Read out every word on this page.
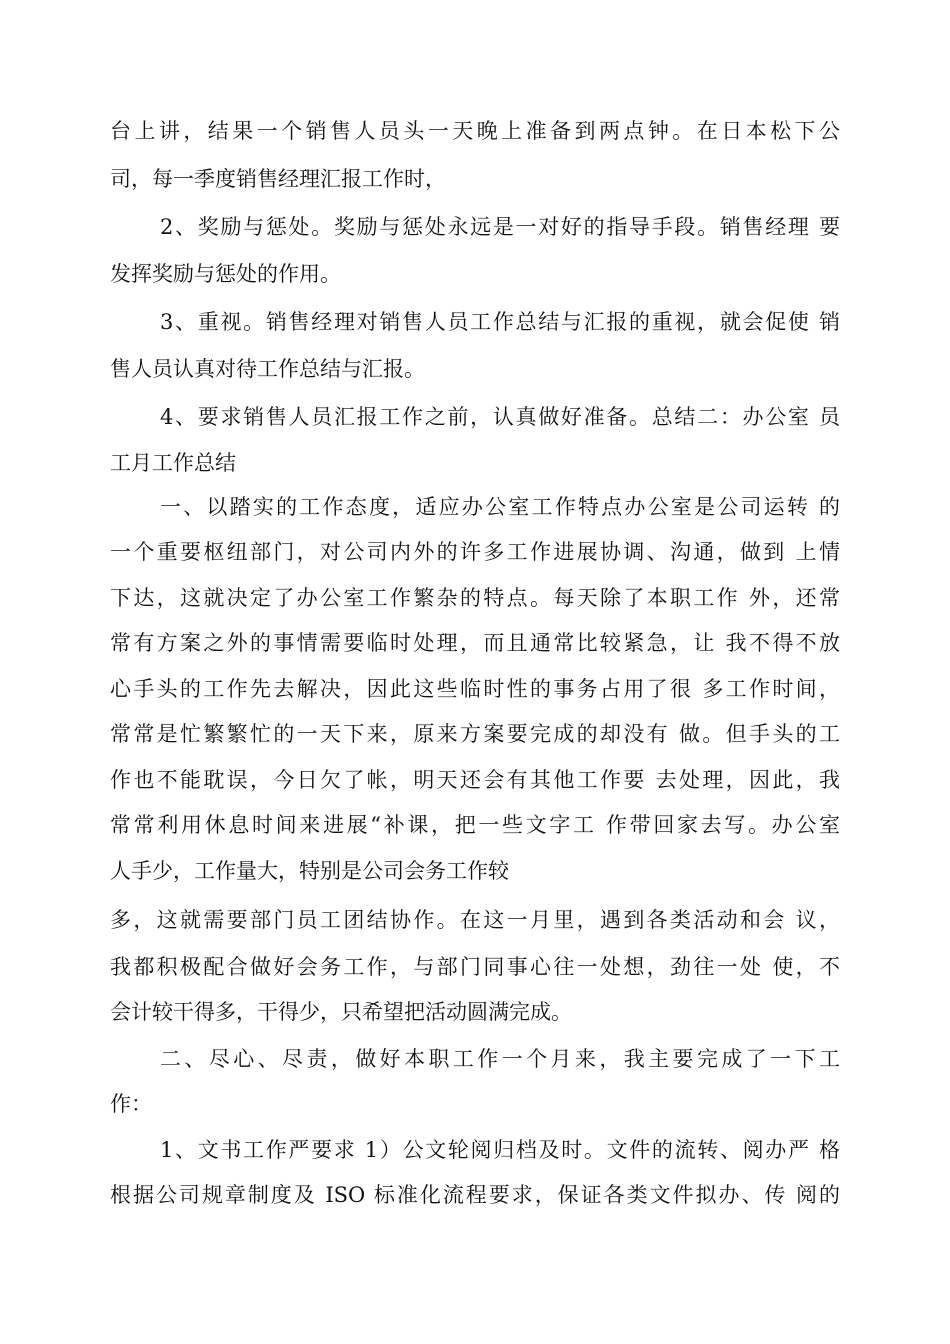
台上讲，结果一个销售人员头一天晚上准备到两点钟。在日本松下公

司，每一季度销售经理汇报工作时，

2、奖励与惩处。奖励与惩处永远是一对好的指导手段。销售经理 要

发挥奖励与惩处的作用。

3、重视。销售经理对销售人员工作总结与汇报的重视，就会促使 销

售人员认真对待工作总结与汇报。

4、要求销售人员汇报工作之前，认真做好准备。总结二：办公室 员

工月工作总结

一、以踏实的工作态度，适应办公室工作特点办公室是公司运转 的

一个重要枢纽部门，对公司内外的许多工作进展协调、沟通，做到 上情

下达，这就决定了办公室工作繁杂的特点。每天除了本职工作 外，还常

常有方案之外的事情需要临时处理，而且通常比较紧急，让 我不得不放

心手头的工作先去解决，因此这些临时性的事务占用了很 多工作时间，

常常是忙繁繁忙的一天下来，原来方案要完成的却没有 做。但手头的工

作也不能耽误，今日欠了帐，明天还会有其他工作要 去处理，因此，我

常常利用休息时间来进展“补课，把一些文字工 作带回家去写。办公室

人手少，工作量大，特别是公司会务工作较

多，这就需要部门员工团结协作。在这一月里，遇到各类活动和会 议，

我都积极配合做好会务工作，与部门同事心往一处想，劲往一处 使，不

会计较干得多，干得少，只希望把活动圆满完成。

二、尽心、尽责，做好本职工作一个月来，我主要完成了一下工

作：

1、文书工作严要求 1）公文轮阅归档及时。文件的流转、阅办严 格

根据公司规章制度及 ISO 标准化流程要求，保证各类文件拟办、传 阅的
